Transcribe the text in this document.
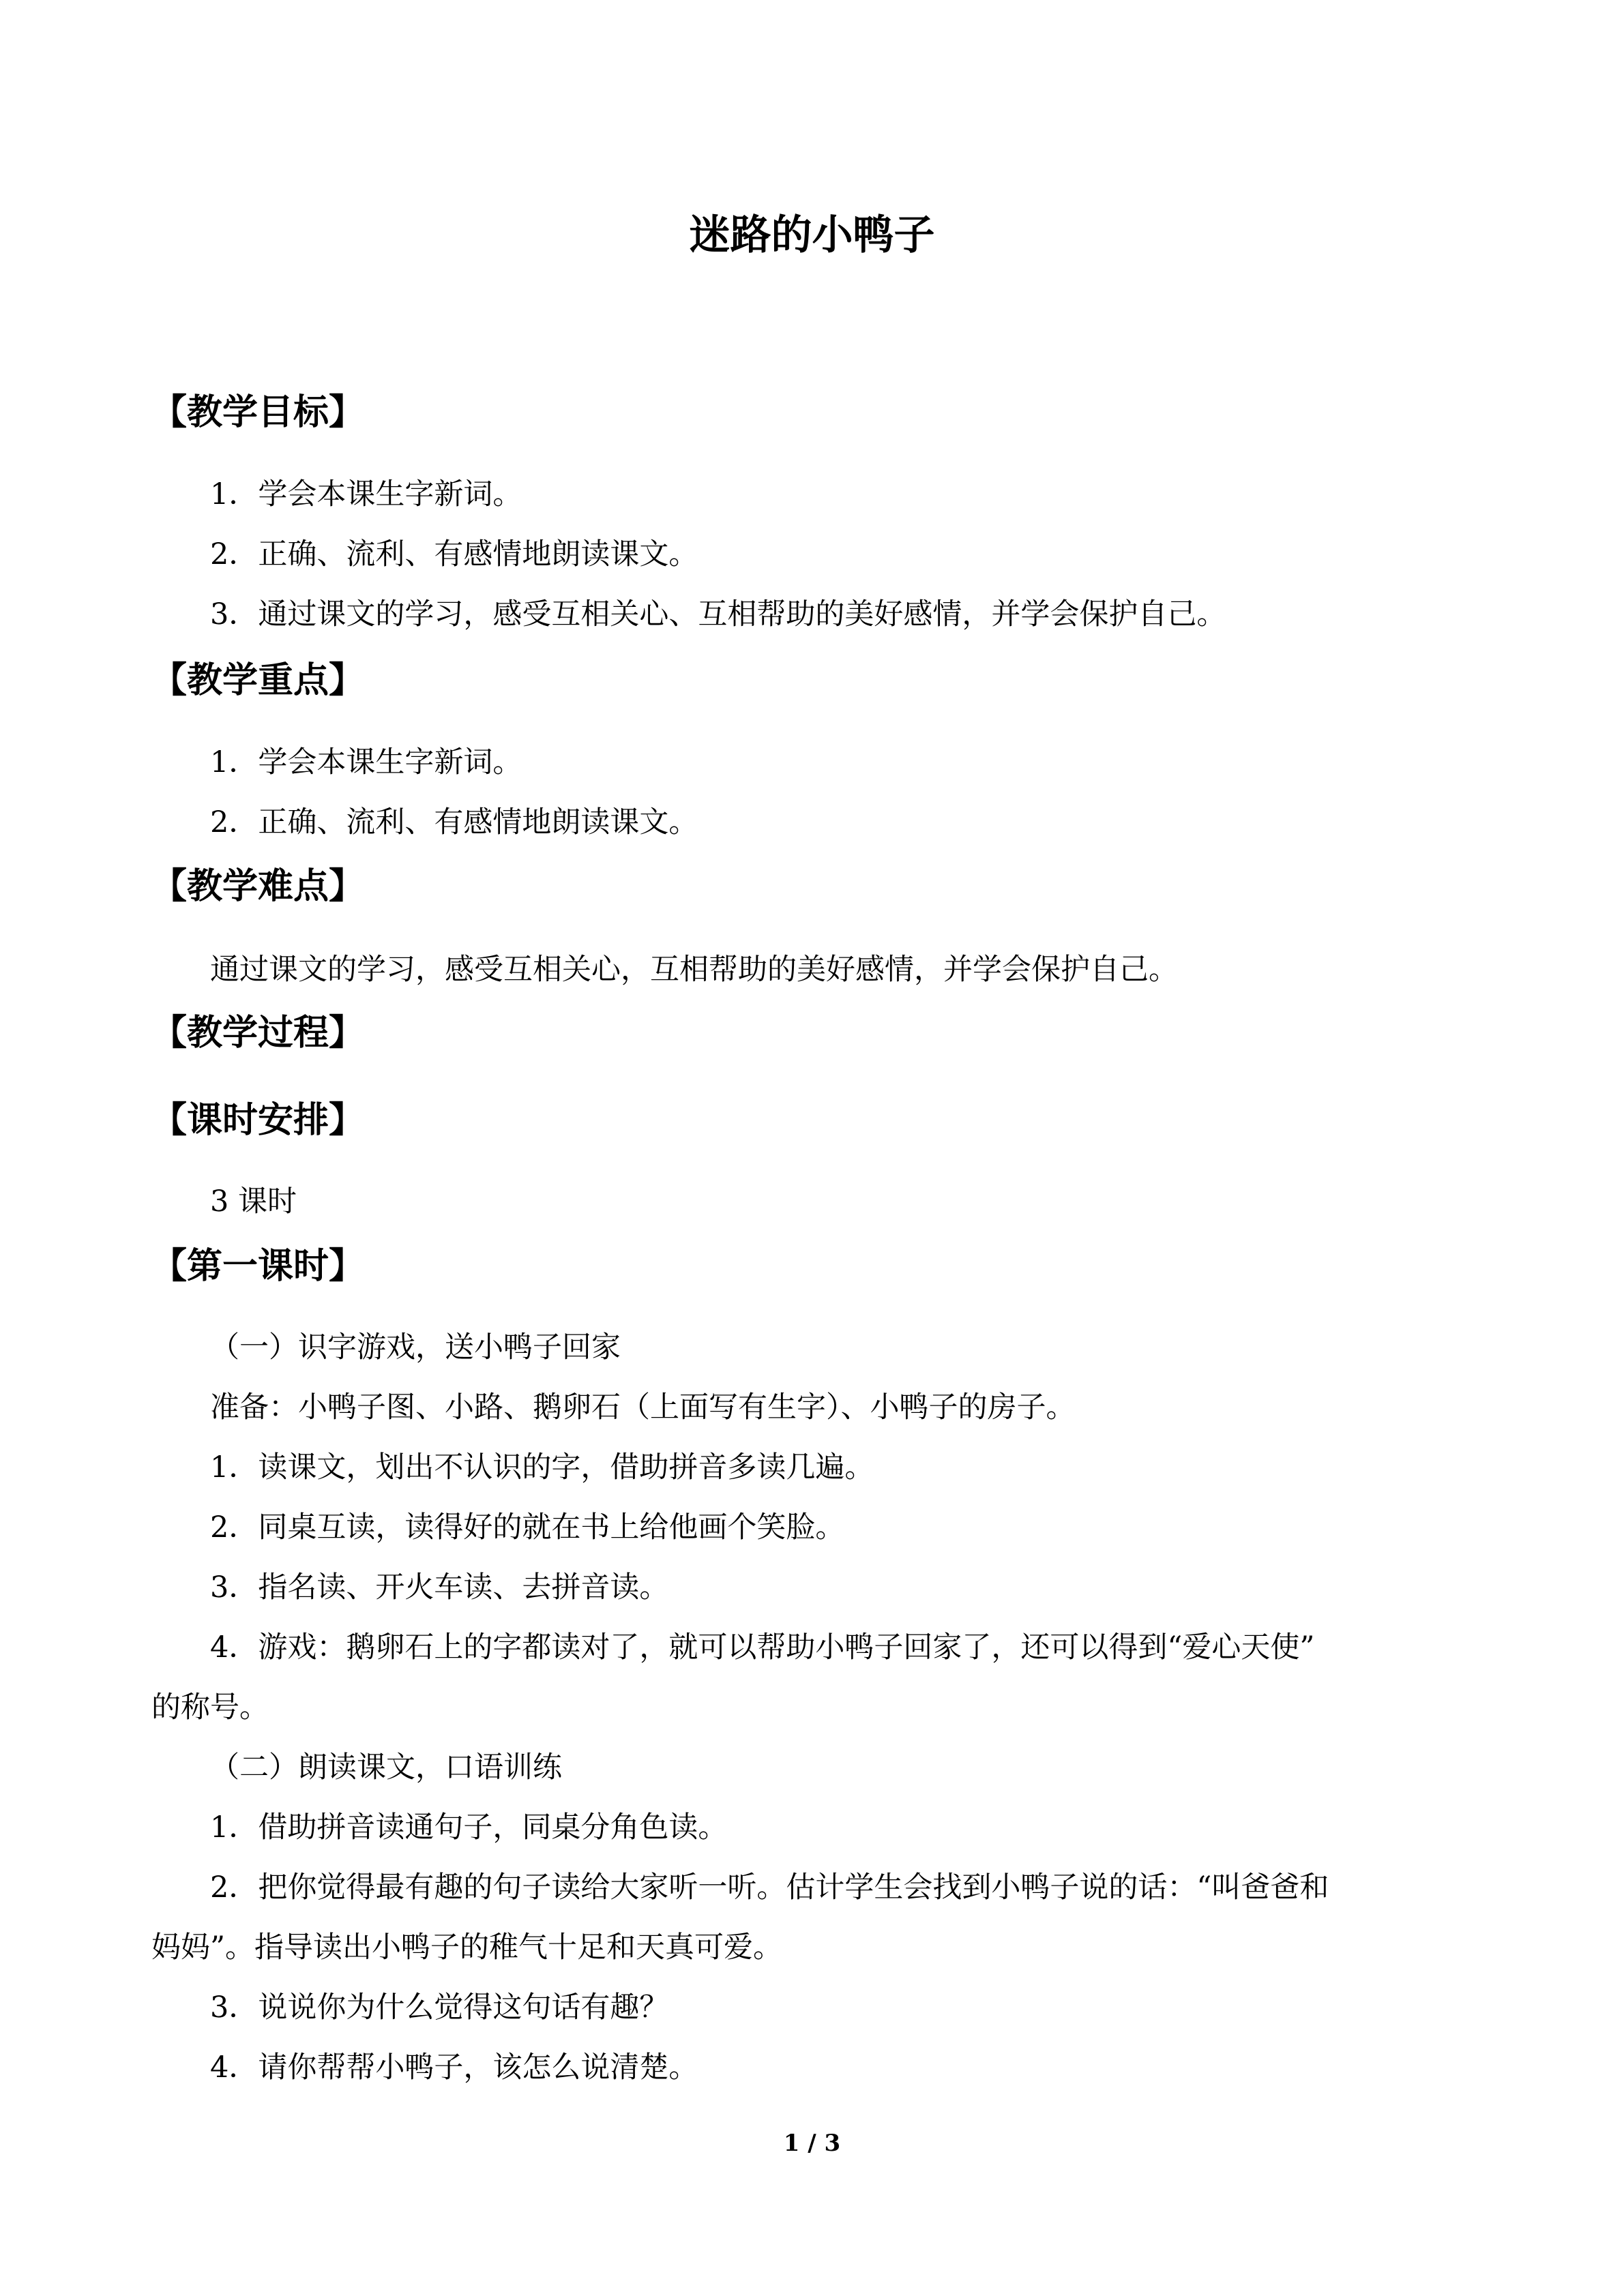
迷路的小鸭子
【教学目标】
1．学会本课生字新词。
2．正确、流利、有感情地朗读课文。
3．通过课文的学习，感受互相关心、互相帮助的美好感情，并学会保护自己。
【教学重点】
1．学会本课生字新词。
2．正确、流利、有感情地朗读课文。
【教学难点】
通过课文的学习，感受互相关心，互相帮助的美好感情，并学会保护自己。
【教学过程】
【课时安排】
3 课时
【第一课时】
（一）识字游戏，送小鸭子回家
准备：小鸭子图、小路、鹅卵石（上面写有生字）、小鸭子的房子。
1．读课文，划出不认识的字，借助拼音多读几遍。
2．同桌互读，读得好的就在书上给他画个笑脸。
3．指名读、开火车读、去拼音读。
4．游戏：鹅卵石上的字都读对了，就可以帮助小鸭子回家了，还可以得到“爱心天使”
的称号。
（二）朗读课文，口语训练
1．借助拼音读通句子，同桌分角色读。
2．把你觉得最有趣的句子读给大家听一听。估计学生会找到小鸭子说的话：“叫爸爸和
妈妈”。指导读出小鸭子的稚气十足和天真可爱。
3．说说你为什么觉得这句话有趣？
4．请你帮帮小鸭子，该怎么说清楚。
1 / 3
